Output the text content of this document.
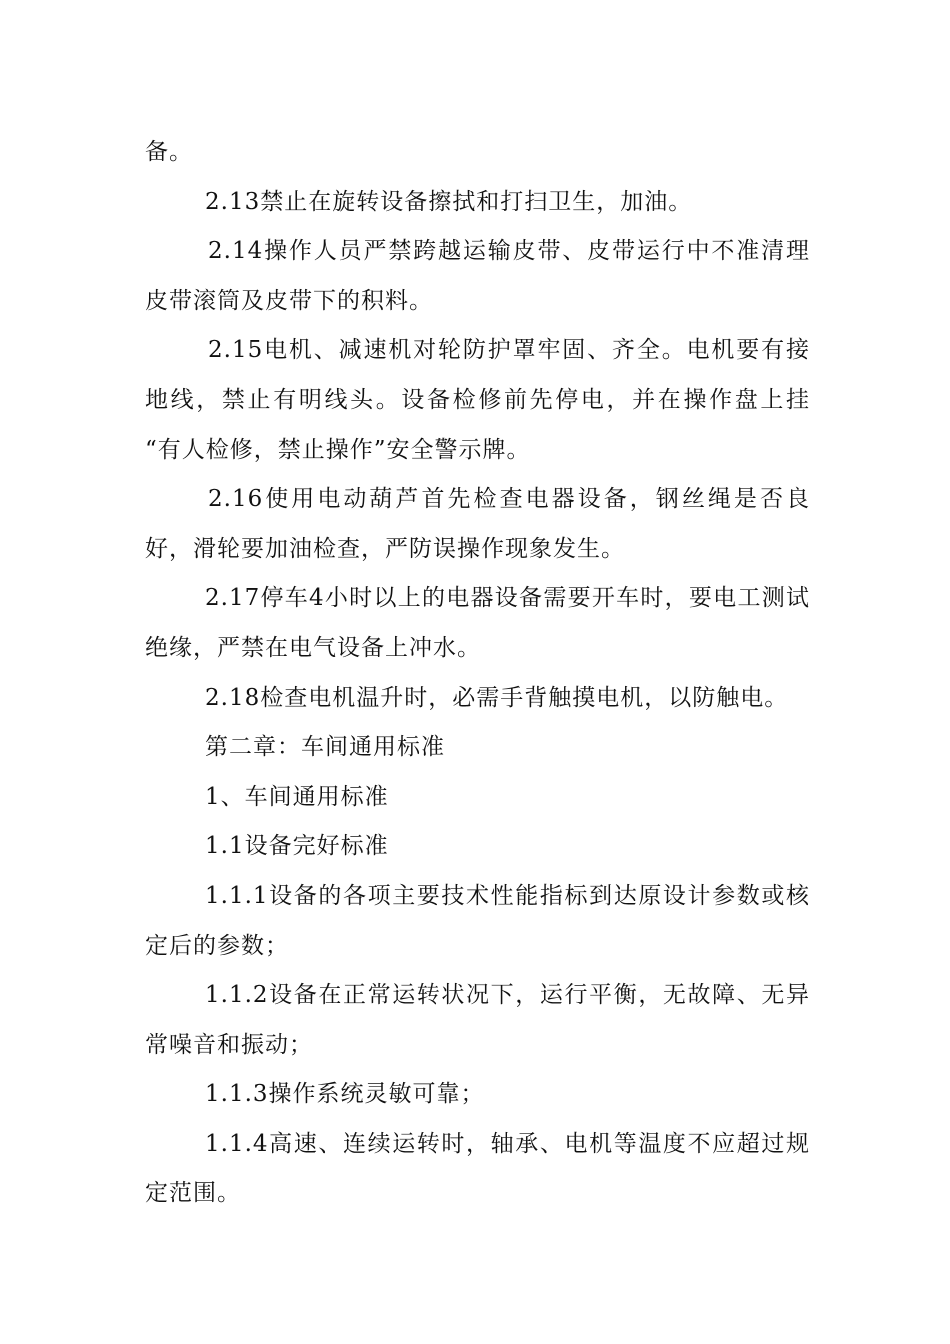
备。
2.13禁止在旋转设备擦拭和打扫卫生，加油。
2.14操作人员严禁跨越运输皮带、皮带运行中不准清理
皮带滚筒及皮带下的积料。
2.15电机、减速机对轮防护罩牢固、齐全。电机要有接
地线，禁止有明线头。设备检修前先停电，并在操作盘上挂
“有人检修，禁止操作”安全警示牌。
2.16使用电动葫芦首先检查电器设备，钢丝绳是否良
好，滑轮要加油检查，严防误操作现象发生。
2.17停车4小时以上的电器设备需要开车时，要电工测试
绝缘，严禁在电气设备上冲水。
2.18检查电机温升时，必需手背触摸电机，以防触电。
第二章：车间通用标准
1、车间通用标准
1.1设备完好标准
1.1.1设备的各项主要技术性能指标到达原设计参数或核
定后的参数；
1.1.2设备在正常运转状况下，运行平衡，无故障、无异
常噪音和振动；
1.1.3操作系统灵敏可靠；
1.1.4高速、连续运转时，轴承、电机等温度不应超过规
定范围。
